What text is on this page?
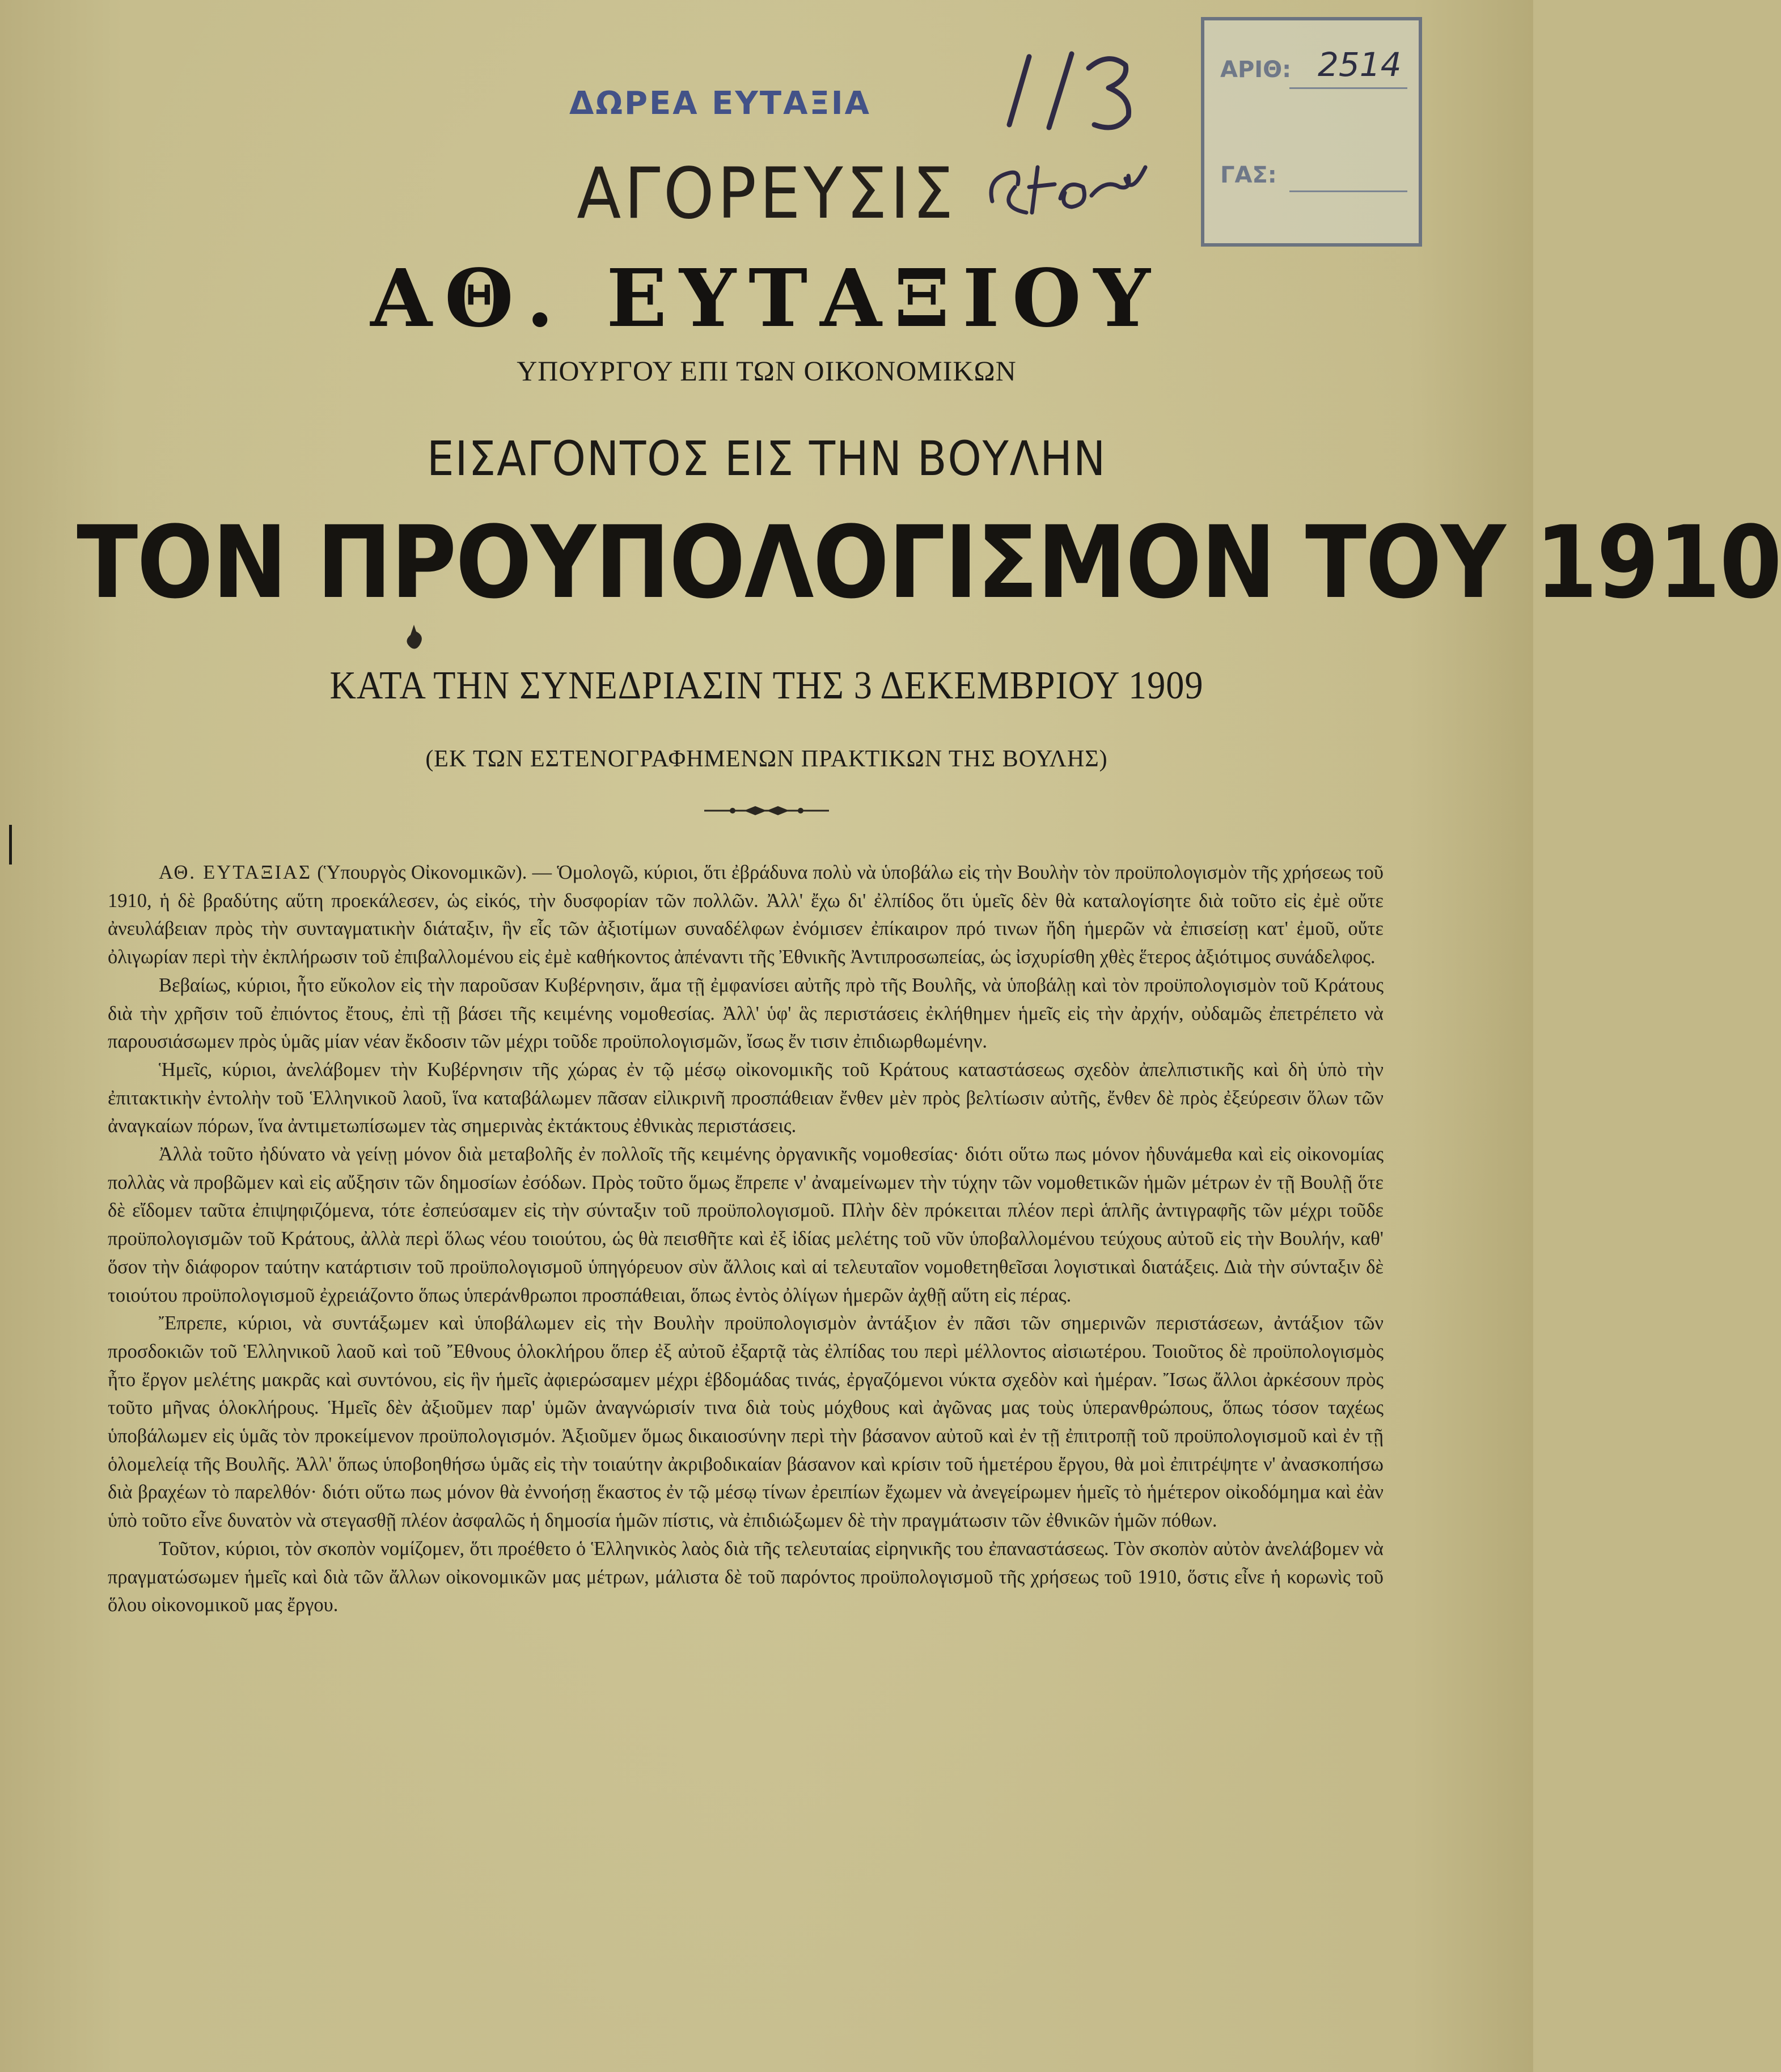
ΔΩΡΕΑ ΕΥΤΑΞΙΑ
115
Σταχ.
ΑΡΙΘ: 2514
ΓΑΣ:
ΑΓΟΡΕΥΣΙΣ
ΑΘ. ΕΥΤΑΞΙΟΥ
ΥΠΟΥΡΓΟΥ ΕΠΙ ΤΩΝ ΟΙΚΟΝΟΜΙΚΩΝ
ΕΙΣΑΓΟΝΤΟΣ ΕΙΣ ΤΗΝ ΒΟΥΛΗΝ
ΤΟΝ ΠΡΟΥΠΟΛΟΓΙΣΜΟΝ ΤΟΥ 1910
ΚΑΤΑ ΤΗΝ ΣΥΝΕΔΡΙΑΣΙΝ ΤΗΣ 3 ΔΕΚΕΜΒΡΙΟΥ 1909
(ΕΚ ΤΩΝ ΕΣΤΕΝΟΓΡΑΦΗΜΕΝΩΝ ΠΡΑΚΤΙΚΩΝ ΤΗΣ ΒΟΥΛΗΣ)

ΑΘ. ΕΥΤΑΞΙΑΣ (Ὑπουργὸς Οἰκονομικῶν). — Ὁμολογῶ, κύριοι, ὅτι ἐβράδυνα πολὺ νὰ ὑποβάλω εἰς τὴν Βουλὴν τὸν προϋπολογισμὸν τῆς χρήσεως τοῦ 1910, ἡ δὲ βραδύτης αὕτη προεκάλεσεν, ὡς εἰκός, τὴν δυσφορίαν τῶν πολλῶν. Ἀλλ' ἔχω δι' ἐλπίδος ὅτι ὑμεῖς δὲν θὰ καταλογίσητε διὰ τοῦτο εἰς ἐμὲ οὔτε ἀνευλάβειαν πρὸς τὴν συνταγματικὴν διάταξιν, ἣν εἷς τῶν ἀξιοτίμων συναδέλφων ἐνόμισεν ἐπίκαιρον πρό τινων ἤδη ἡμερῶν νὰ ἐπισείσῃ κατ' ἐμοῦ, οὔτε ὀλιγωρίαν περὶ τὴν ἐκπλήρωσιν τοῦ ἐπιβαλλομένου εἰς ἐμὲ καθήκοντος ἀπέναντι τῆς Ἐθνικῆς Ἀντιπροσωπείας, ὡς ἰσχυρίσθη χθὲς ἕτερος ἀξιότιμος συνάδελφος.

Βεβαίως, κύριοι, ἦτο εὔκολον εἰς τὴν παροῦσαν Κυβέρνησιν, ἅμα τῇ ἐμφανίσει αὐτῆς πρὸ τῆς Βουλῆς, νὰ ὑποβάλῃ καὶ τὸν προϋπολογισμὸν τοῦ Κράτους διὰ τὴν χρῆσιν τοῦ ἐπιόντος ἔτους, ἐπὶ τῇ βάσει τῆς κειμένης νομοθεσίας. Ἀλλ' ὑφ' ἃς περιστάσεις ἐκλήθημεν ἡμεῖς εἰς τὴν ἀρχήν, οὐδαμῶς ἐπετρέπετο νὰ παρουσιάσωμεν πρὸς ὑμᾶς μίαν νέαν ἔκδοσιν τῶν μέχρι τοῦδε προϋπολογισμῶν, ἴσως ἔν τισιν ἐπιδιωρθωμένην.

Ἡμεῖς, κύριοι, ἀνελάβομεν τὴν Κυβέρνησιν τῆς χώρας ἐν τῷ μέσῳ οἰκονομικῆς τοῦ Κράτους καταστάσεως σχεδὸν ἀπελπιστικῆς καὶ δὴ ὑπὸ τὴν ἐπιτακτικὴν ἐντολὴν τοῦ Ἑλληνικοῦ λαοῦ, ἵνα καταβάλωμεν πᾶσαν εἰλικρινῆ προσπάθειαν ἔνθεν μὲν πρὸς βελτίωσιν αὐτῆς, ἔνθεν δὲ πρὸς ἐξεύρεσιν ὅλων τῶν ἀναγκαίων πόρων, ἵνα ἀντιμετωπίσωμεν τὰς σημερινὰς ἐκτάκτους ἐθνικὰς περιστάσεις.

Ἀλλὰ τοῦτο ἠδύνατο νὰ γείνῃ μόνον διὰ μεταβολῆς ἐν πολλοῖς τῆς κειμένης ὀργανικῆς νομοθεσίας· διότι οὕτω πως μόνον ἠδυνάμεθα καὶ εἰς οἰκονομίας πολλὰς νὰ προβῶμεν καὶ εἰς αὔξησιν τῶν δημοσίων ἐσόδων. Πρὸς τοῦτο ὅμως ἔπρεπε ν' ἀναμείνωμεν τὴν τύχην τῶν νομοθετικῶν ἡμῶν μέτρων ἐν τῇ Βουλῇ ὅτε δὲ εἴδομεν ταῦτα ἐπιψηφιζόμενα, τότε ἐσπεύσαμεν εἰς τὴν σύνταξιν τοῦ προϋπολογισμοῦ. Πλὴν δὲν πρόκειται πλέον περὶ ἁπλῆς ἀντιγραφῆς τῶν μέχρι τοῦδε προϋπολογισμῶν τοῦ Κράτους, ἀλλὰ περὶ ὅλως νέου τοιούτου, ὡς θὰ πεισθῆτε καὶ ἐξ ἰδίας μελέτης τοῦ νῦν ὑποβαλλομένου τεύχους αὐτοῦ εἰς τὴν Βουλήν, καθ' ὅσον τὴν διάφορον ταύτην κατάρτισιν τοῦ προϋπολογισμοῦ ὑπηγόρευον σὺν ἄλλοις καὶ αἱ τελευταῖον νομοθετηθεῖσαι λογιστικαὶ διατάξεις. Διὰ τὴν σύνταξιν δὲ τοιούτου προϋπολογισμοῦ ἐχρειάζοντο ὅπως ὑπεράνθρωποι προσπάθειαι, ὅπως ἐντὸς ὀλίγων ἡμερῶν ἀχθῇ αὕτη εἰς πέρας.

Ἔπρεπε, κύριοι, νὰ συντάξωμεν καὶ ὑποβάλωμεν εἰς τὴν Βουλὴν προϋπολογισμὸν ἀντάξιον ἐν πᾶσι τῶν σημερινῶν περιστάσεων, ἀντάξιον τῶν προσδοκιῶν τοῦ Ἑλληνικοῦ λαοῦ καὶ τοῦ Ἔθνους ὁλοκλήρου ὅπερ ἐξ αὐτοῦ ἐξαρτᾷ τὰς ἐλπίδας του περὶ μέλλοντος αἰσιωτέρου. Τοιοῦτος δὲ προϋπολογισμὸς ἦτο ἔργον μελέτης μακρᾶς καὶ συντόνου, εἰς ἣν ἡμεῖς ἀφιερώσαμεν μέχρι ἑβδομάδας τινάς, ἐργαζόμενοι νύκτα σχεδὸν καὶ ἡμέραν. Ἴσως ἄλλοι ἀρκέσουν πρὸς τοῦτο μῆνας ὁλοκλήρους. Ἡμεῖς δὲν ἀξιοῦμεν παρ' ὑμῶν ἀναγνώρισίν τινα διὰ τοὺς μόχθους καὶ ἀγῶνας μας τοὺς ὑπερανθρώπους, ὅπως τόσον ταχέως ὑποβάλωμεν εἰς ὑμᾶς τὸν προκείμενον προϋπολογισμόν. Ἀξιοῦμεν ὅμως δικαιοσύνην περὶ τὴν βάσανον αὐτοῦ καὶ ἐν τῇ ἐπιτροπῇ τοῦ προϋπολογισμοῦ καὶ ἐν τῇ ὁλομελείᾳ τῆς Βουλῆς. Ἀλλ' ὅπως ὑποβοηθήσω ὑμᾶς εἰς τὴν τοιαύτην ἀκριβοδικαίαν βάσανον καὶ κρίσιν τοῦ ἡμετέρου ἔργου, θὰ μοὶ ἐπιτρέψητε ν' ἀνασκοπήσω διὰ βραχέων τὸ παρελθόν· διότι οὕτω πως μόνον θὰ ἐννοήσῃ ἕκαστος ἐν τῷ μέσῳ τίνων ἐρειπίων ἔχωμεν νὰ ἀνεγείρωμεν ἡμεῖς τὸ ἡμέτερον οἰκοδόμημα καὶ ἐὰν ὑπὸ τοῦτο εἶνε δυνατὸν νὰ στεγασθῇ πλέον ἀσφαλῶς ἡ δημοσία ἡμῶν πίστις, νὰ ἐπιδιώξωμεν δὲ τὴν πραγμάτωσιν τῶν ἐθνικῶν ἡμῶν πόθων.

Τοῦτον, κύριοι, τὸν σκοπὸν νομίζομεν, ὅτι προέθετο ὁ Ἑλληνικὸς λαὸς διὰ τῆς τελευταίας εἰρηνικῆς του ἐπαναστάσεως. Τὸν σκοπὸν αὐτὸν ἀνελάβομεν νὰ πραγματώσωμεν ἡμεῖς καὶ διὰ τῶν ἄλλων οἰκονομικῶν μας μέτρων, μάλιστα δὲ τοῦ παρόντος προϋπολογισμοῦ τῆς χρήσεως τοῦ 1910, ὅστις εἶνε ἡ κορωνὶς τοῦ ὅλου οἰκονομικοῦ μας ἔργου.
